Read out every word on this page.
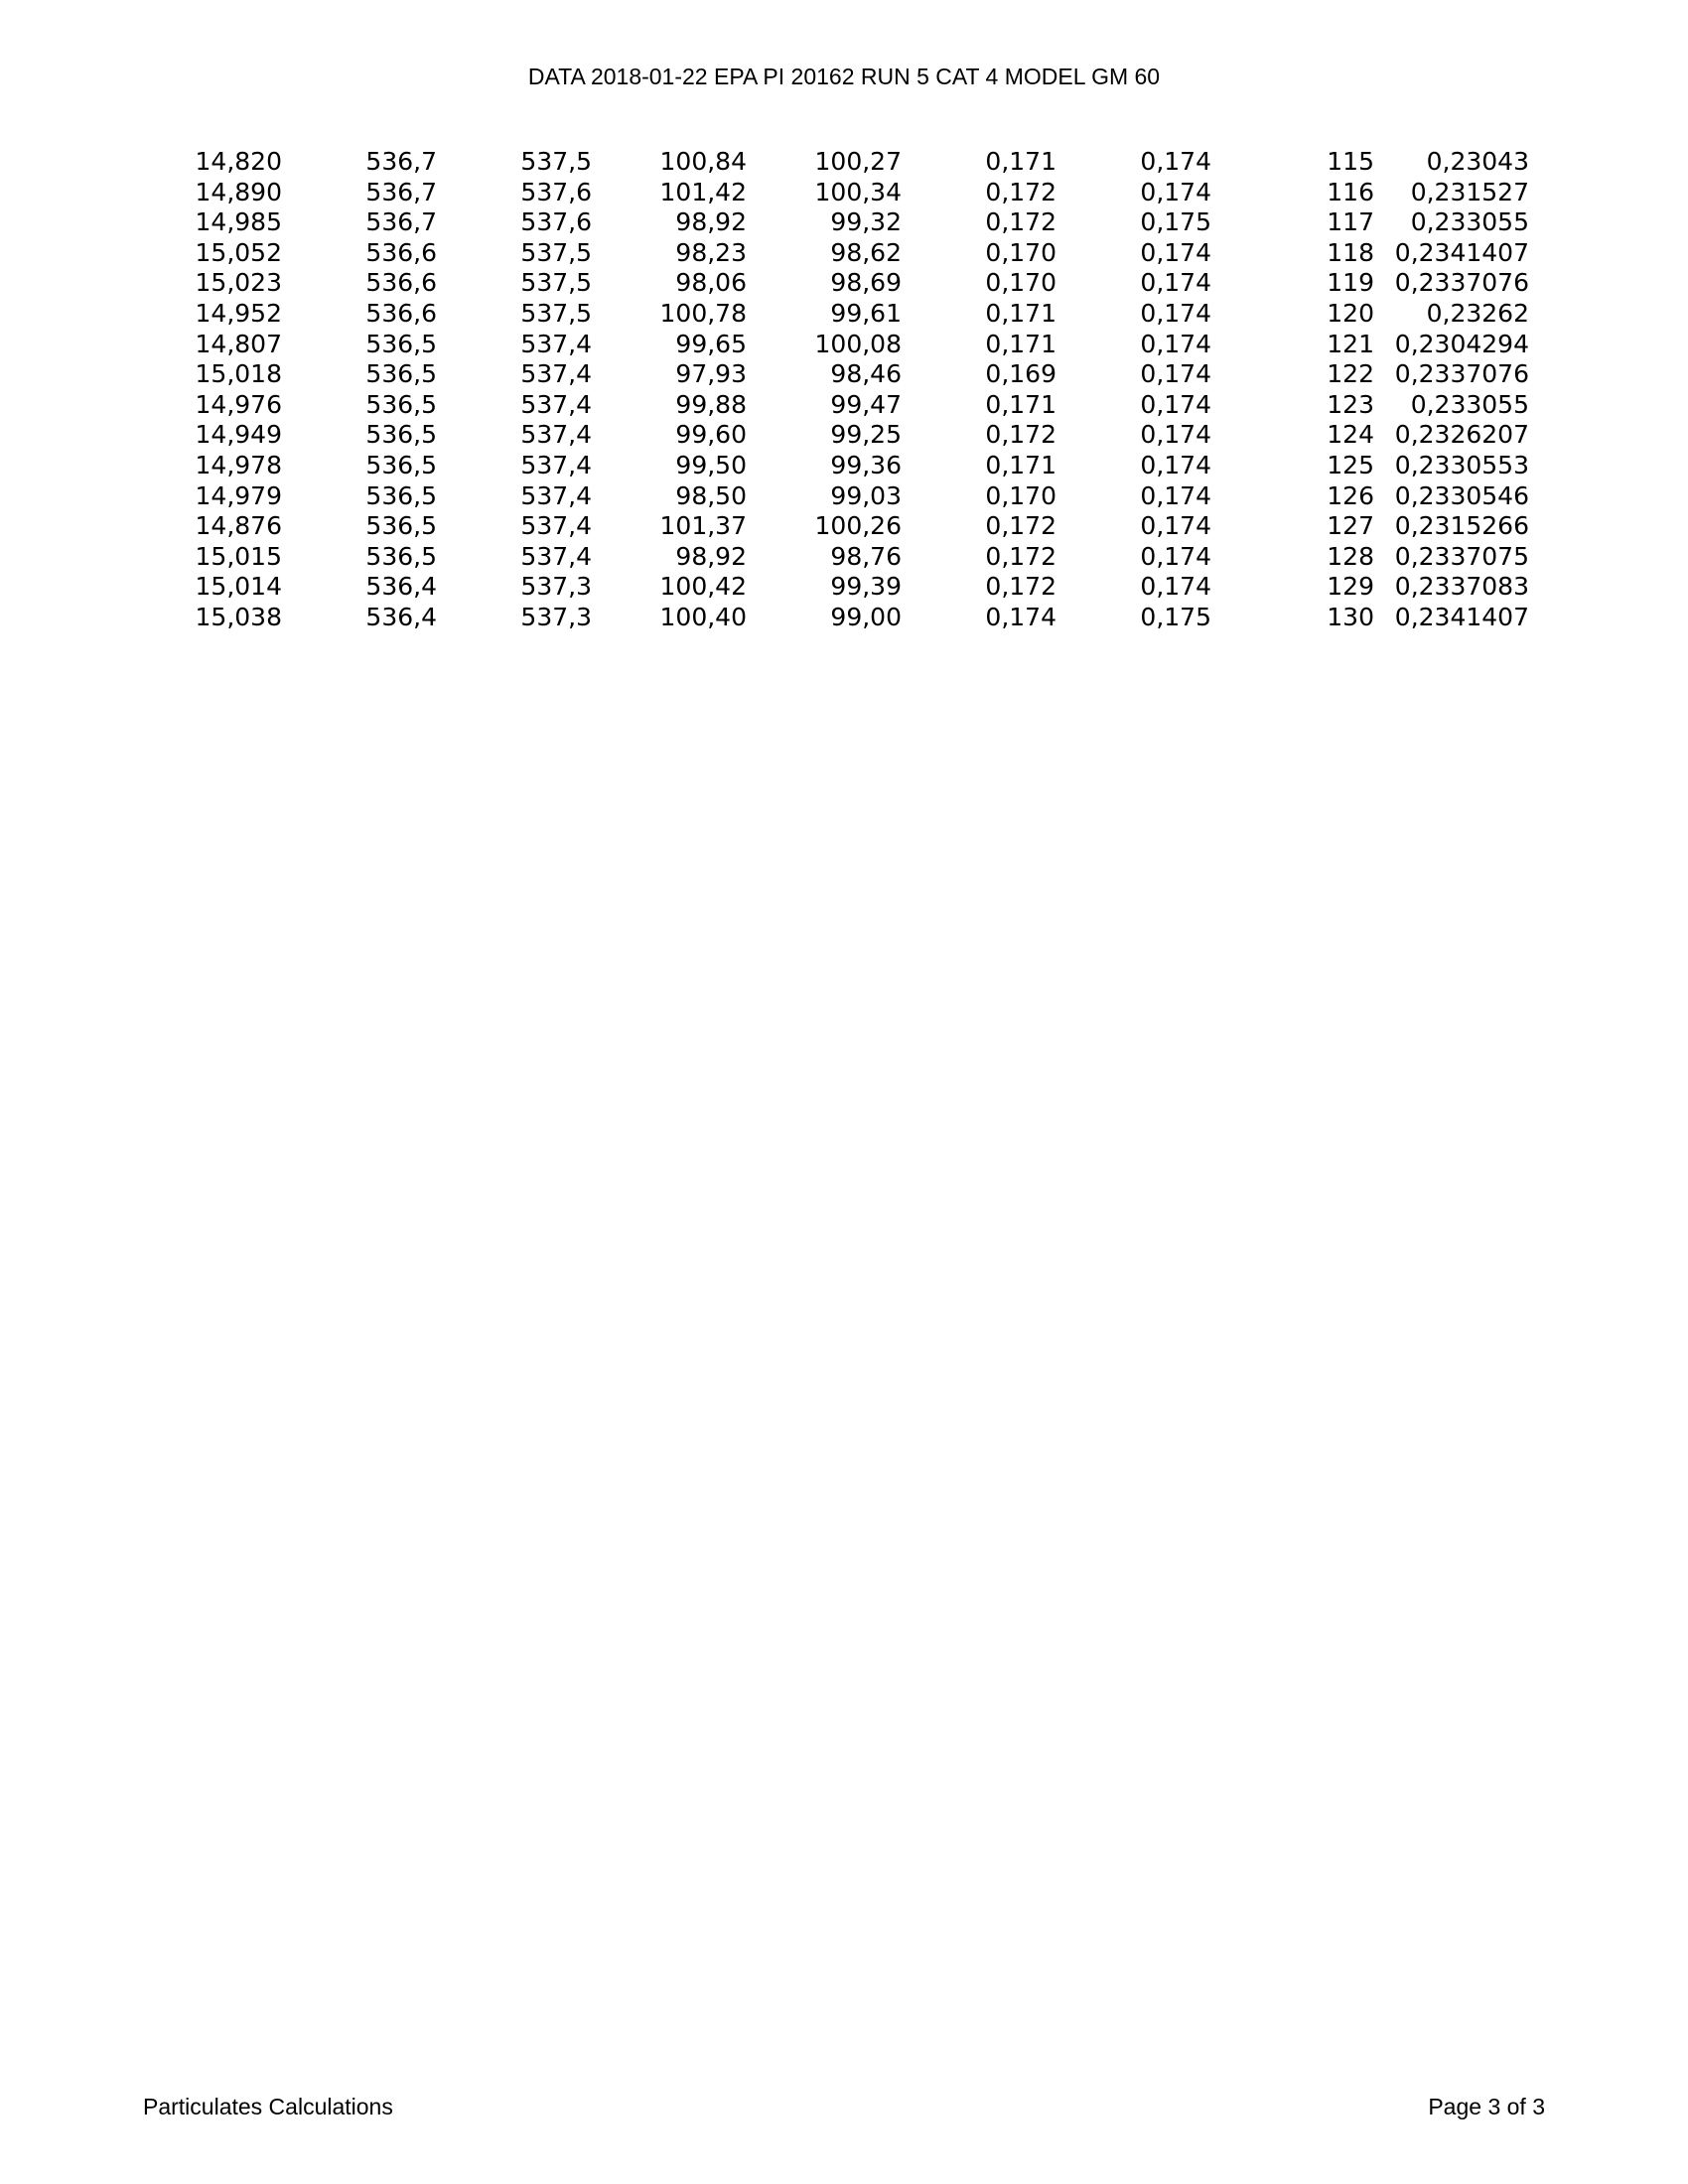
DATA 2018-01-22 EPA PI 20162 RUN 5 CAT 4 MODEL GM 60
14,820	536,7	537,5	100,84	100,27	0,171	0,174	115	0,23043
14,890	536,7	537,6	101,42	100,34	0,172	0,174	116	0,231527
14,985	536,7	537,6	98,92	99,32	0,172	0,175	117	0,233055
15,052	536,6	537,5	98,23	98,62	0,170	0,174	118	0,2341407
15,023	536,6	537,5	98,06	98,69	0,170	0,174	119	0,2337076
14,952	536,6	537,5	100,78	99,61	0,171	0,174	120	0,23262
14,807	536,5	537,4	99,65	100,08	0,171	0,174	121	0,2304294
15,018	536,5	537,4	97,93	98,46	0,169	0,174	122	0,2337076
14,976	536,5	537,4	99,88	99,47	0,171	0,174	123	0,233055
14,949	536,5	537,4	99,60	99,25	0,172	0,174	124	0,2326207
14,978	536,5	537,4	99,50	99,36	0,171	0,174	125	0,2330553
14,979	536,5	537,4	98,50	99,03	0,170	0,174	126	0,2330546
14,876	536,5	537,4	101,37	100,26	0,172	0,174	127	0,2315266
15,015	536,5	537,4	98,92	98,76	0,172	0,174	128	0,2337075
15,014	536,4	537,3	100,42	99,39	0,172	0,174	129	0,2337083
15,038	536,4	537,3	100,40	99,00	0,174	0,175	130	0,2341407
Particulates Calculations	Page 3 of 3
